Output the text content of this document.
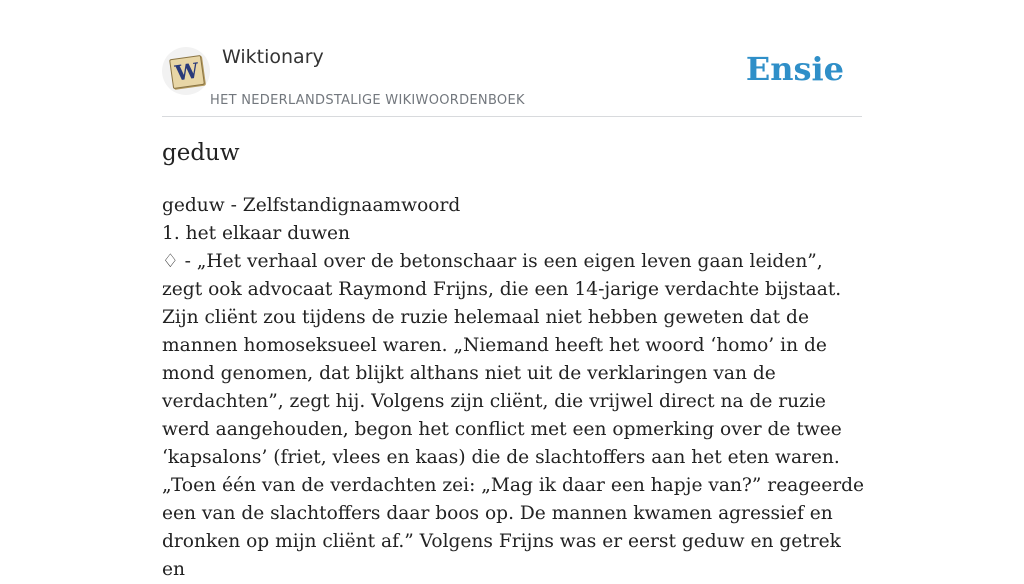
W
Wiktionary
HET NEDERLANDSTALIGE WIKIWOORDENBOEK
Ensie
geduw

geduw - Zelfstandignaamwoord

1. het elkaar duwen

♢ - „Het verhaal over de betonschaar is een eigen leven gaan leiden”, zegt ook advocaat Raymond Frijns, die een 14-jarige verdachte bijstaat. Zijn cliënt zou tijdens de ruzie helemaal niet hebben geweten dat de mannen homoseksueel waren. „Niemand heeft het woord ‘homo’ in de mond genomen, dat blijkt althans niet uit de verklaringen van de verdachten”, zegt hij. Volgens zijn cliënt, die vrijwel direct na de ruzie werd aangehouden, begon het conflict met een opmerking over de twee ‘kapsalons’ (friet, vlees en kaas) die de slachtoffers aan het eten waren. „Toen één van de verdachten zei: „Mag ik daar een hapje van?” reageerde een van de slachtoffers daar boos op. De mannen kwamen agressief en dronken op mijn cliënt af.” Volgens Frijns was er eerst geduw en getrek en
